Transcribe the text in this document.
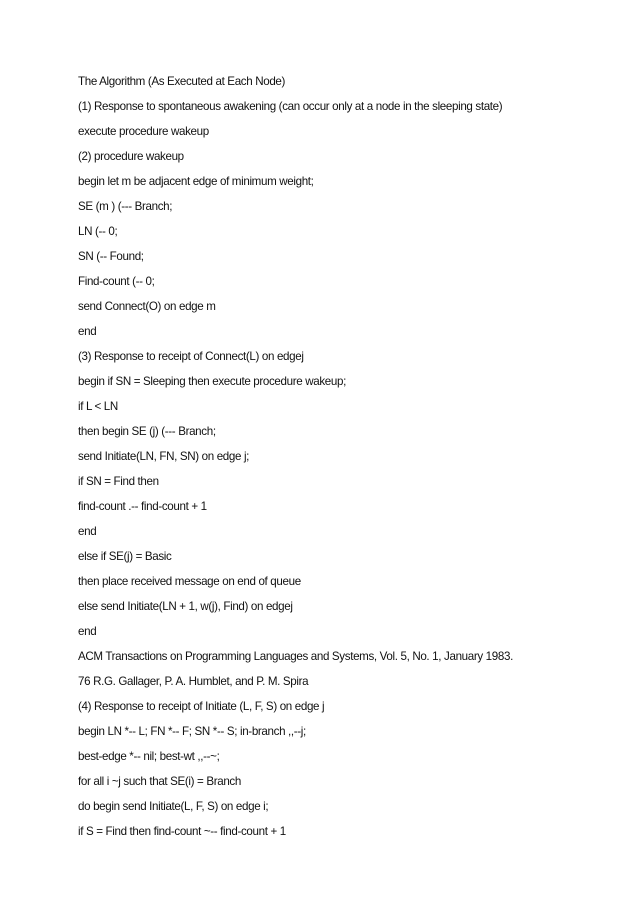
The Algorithm (As Executed at Each Node)

(1) Response to spontaneous awakening (can occur only at a node in the sleeping state)

execute procedure wakeup

(2) procedure wakeup

begin let m be adjacent edge of minimum weight;

SE (m ) (--- Branch;

LN (-- 0;

SN (-- Found;

Find-count (-- 0;

send Connect(O) on edge m

end

(3) Response to receipt of Connect(L) on edgej

begin if SN = Sleeping then execute procedure wakeup;

if L < LN

then begin SE (j) (--- Branch;

send Initiate(LN, FN, SN) on edge j;

if SN = Find then

find-count .-- find-count + 1

end

else if SE(j) = Basic

then place received message on end of queue

else send Initiate(LN + 1, w(j), Find) on edgej

end

ACM Transactions on Programming Languages and Systems, Vol. 5, No. 1, January 1983.

76 R.G. Gallager, P. A. Humblet, and P. M. Spira

(4) Response to receipt of Initiate (L, F, S) on edge j

begin LN *-- L; FN *-- F; SN *-- S; in-branch ,,--j;

best-edge *-- nil; best-wt ,,--~;

for all i ~j such that SE(i) = Branch

do begin send Initiate(L, F, S) on edge i;

if S = Find then find-count ~-- find-count + 1
